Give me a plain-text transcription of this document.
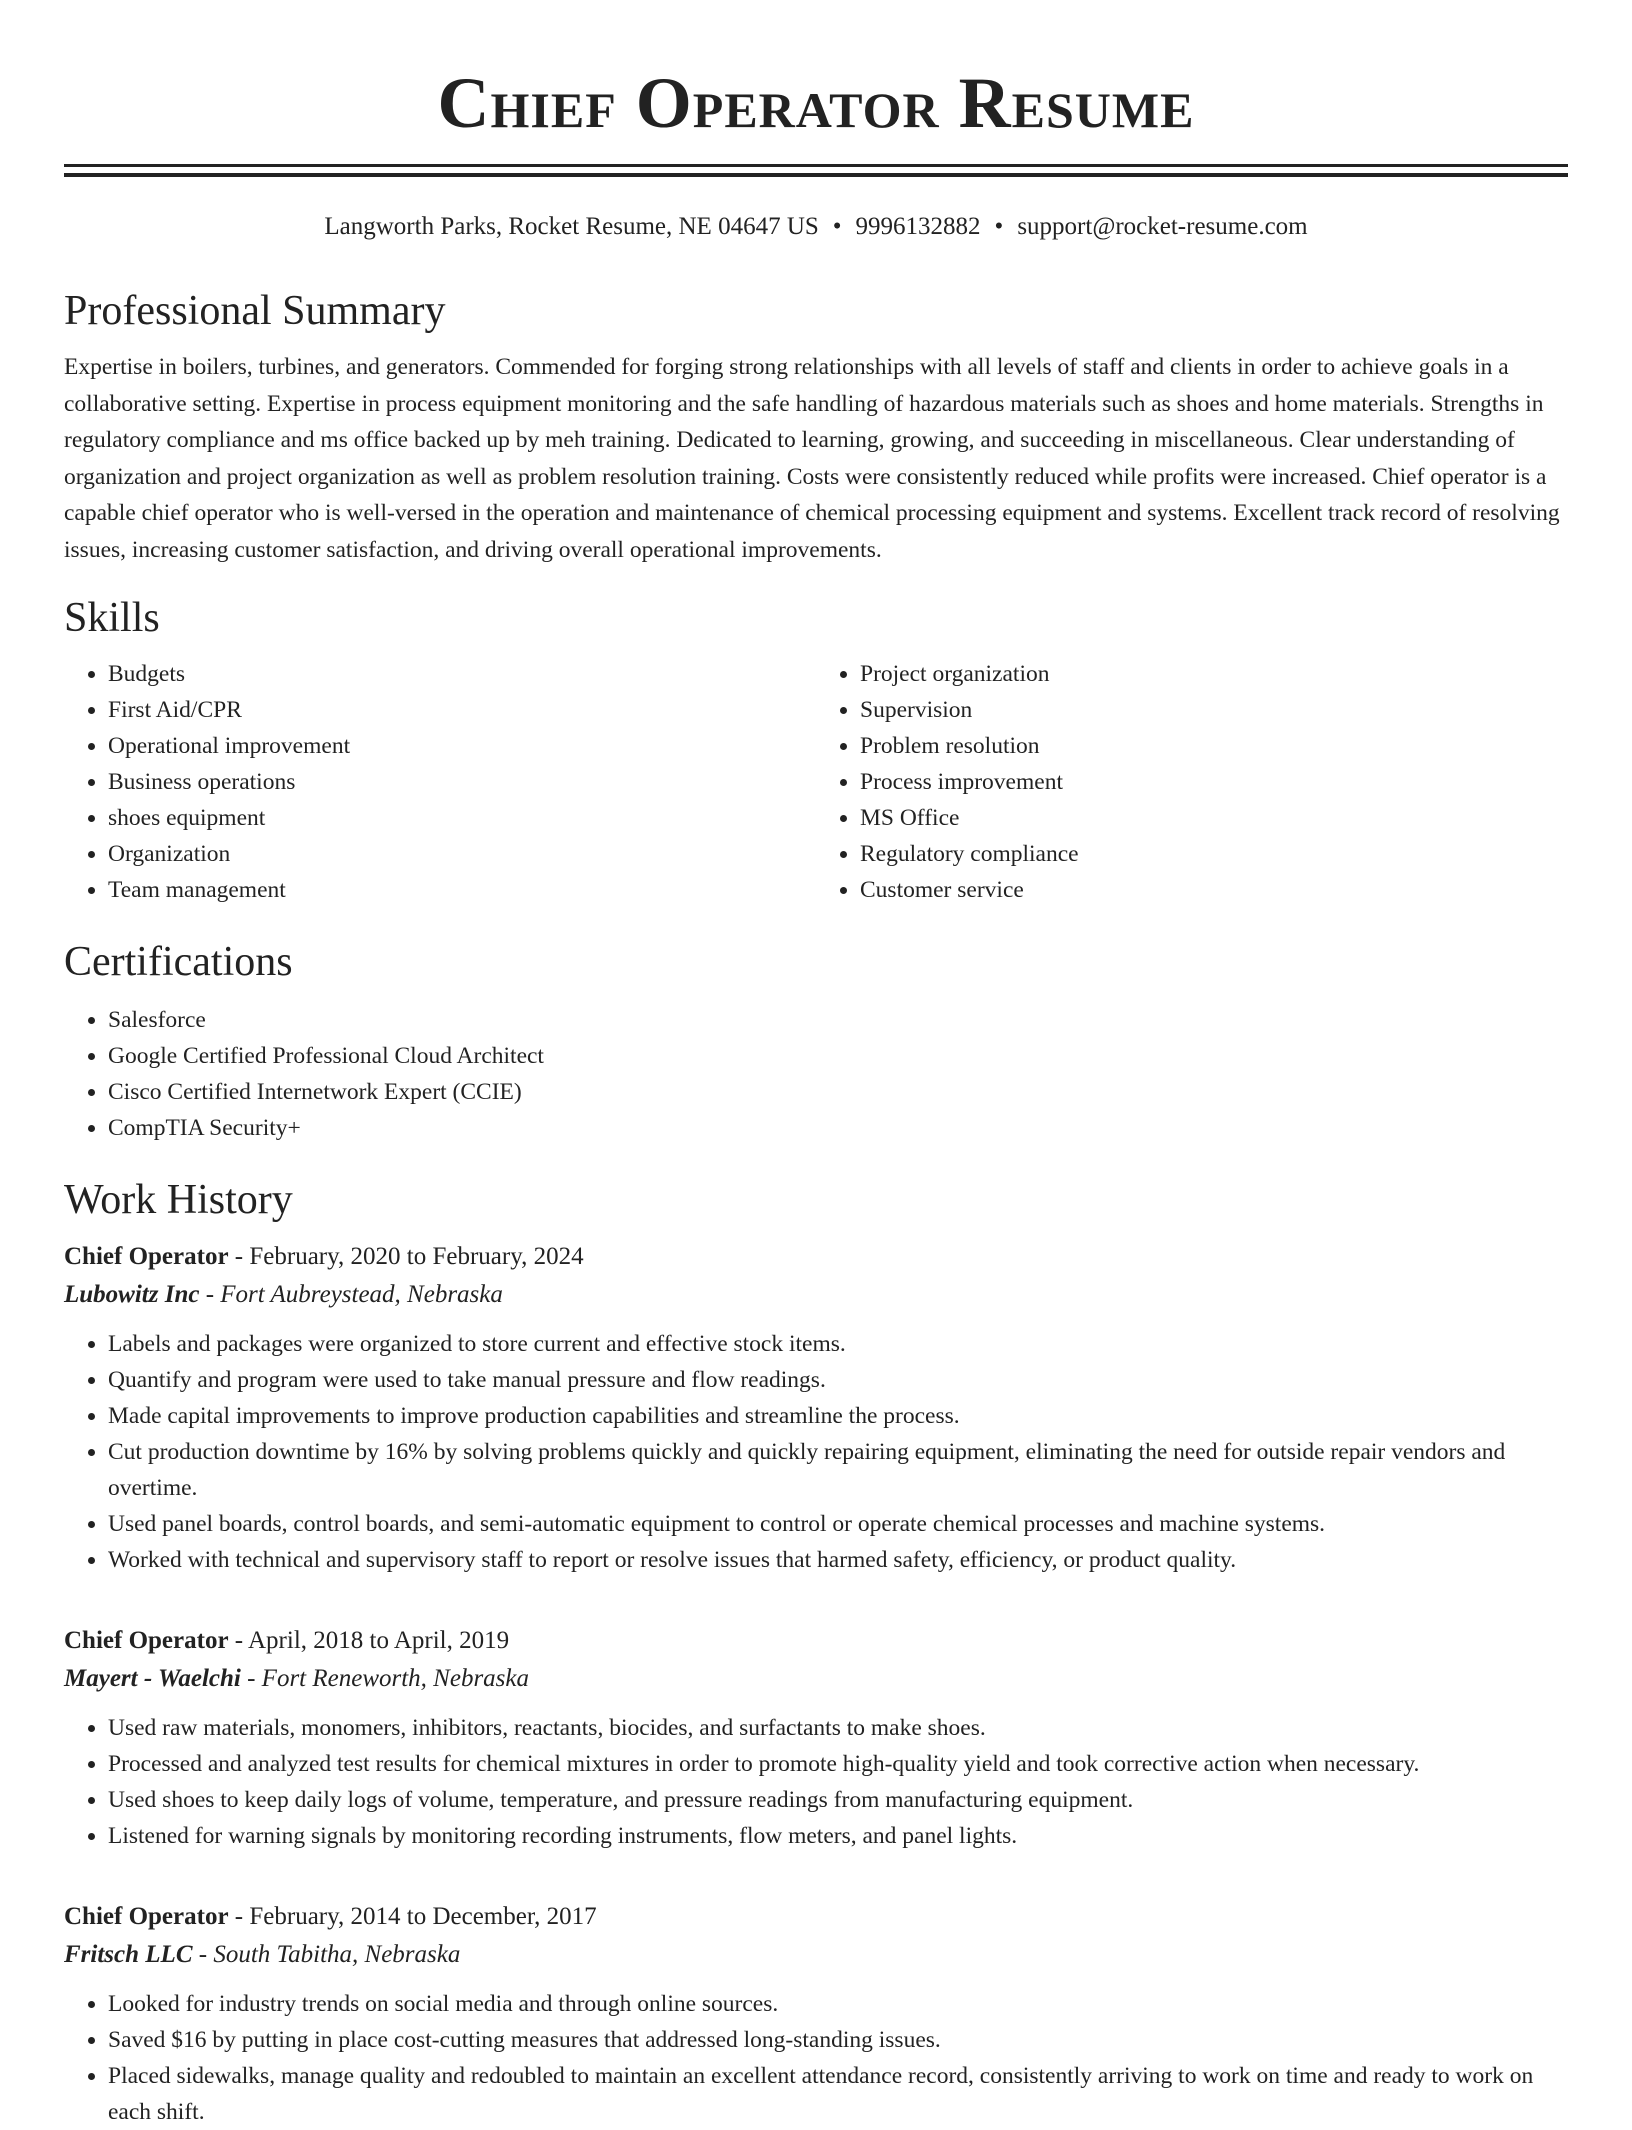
Chief Operator Resume
Langworth Parks, Rocket Resume, NE 04647 US • 9996132882 • support@rocket-resume.com
Professional Summary

Expertise in boilers, turbines, and generators. Commended for forging strong relationships with all levels of staff and clients in order to achieve goals in a collaborative setting. Expertise in process equipment monitoring and the safe handling of hazardous materials such as shoes and home materials. Strengths in regulatory compliance and ms office backed up by meh training. Dedicated to learning, growing, and succeeding in miscellaneous. Clear understanding of organization and project organization as well as problem resolution training. Costs were consistently reduced while profits were increased. Chief operator is a capable chief operator who is well-versed in the operation and maintenance of chemical processing equipment and systems. Excellent track record of resolving issues, increasing customer satisfaction, and driving overall operational improvements.

Skills
• Budgets
• First Aid/CPR
• Operational improvement
• Business operations
• shoes equipment
• Organization
• Team management
• Project organization
• Supervision
• Problem resolution
• Process improvement
• MS Office
• Regulatory compliance
• Customer service
Certifications
• Salesforce
• Google Certified Professional Cloud Architect
• Cisco Certified Internetwork Expert (CCIE)
• CompTIA Security+
Work History
Chief Operator - February, 2020 to February, 2024
Lubowitz Inc - Fort Aubreystead, Nebraska
• Labels and packages were organized to store current and effective stock items.
• Quantify and program were used to take manual pressure and flow readings.
• Made capital improvements to improve production capabilities and streamline the process.
• Cut production downtime by 16% by solving problems quickly and quickly repairing equipment, eliminating the need for outside repair vendors and overtime.
• Used panel boards, control boards, and semi-automatic equipment to control or operate chemical processes and machine systems.
• Worked with technical and supervisory staff to report or resolve issues that harmed safety, efficiency, or product quality.
Chief Operator - April, 2018 to April, 2019
Mayert - Waelchi - Fort Reneworth, Nebraska
• Used raw materials, monomers, inhibitors, reactants, biocides, and surfactants to make shoes.
• Processed and analyzed test results for chemical mixtures in order to promote high-quality yield and took corrective action when necessary.
• Used shoes to keep daily logs of volume, temperature, and pressure readings from manufacturing equipment.
• Listened for warning signals by monitoring recording instruments, flow meters, and panel lights.
Chief Operator - February, 2014 to December, 2017
Fritsch LLC - South Tabitha, Nebraska
• Looked for industry trends on social media and through online sources.
• Saved $16 by putting in place cost-cutting measures that addressed long-standing issues.
• Placed sidewalks, manage quality and redoubled to maintain an excellent attendance record, consistently arriving to work on time and ready to work on each shift.
